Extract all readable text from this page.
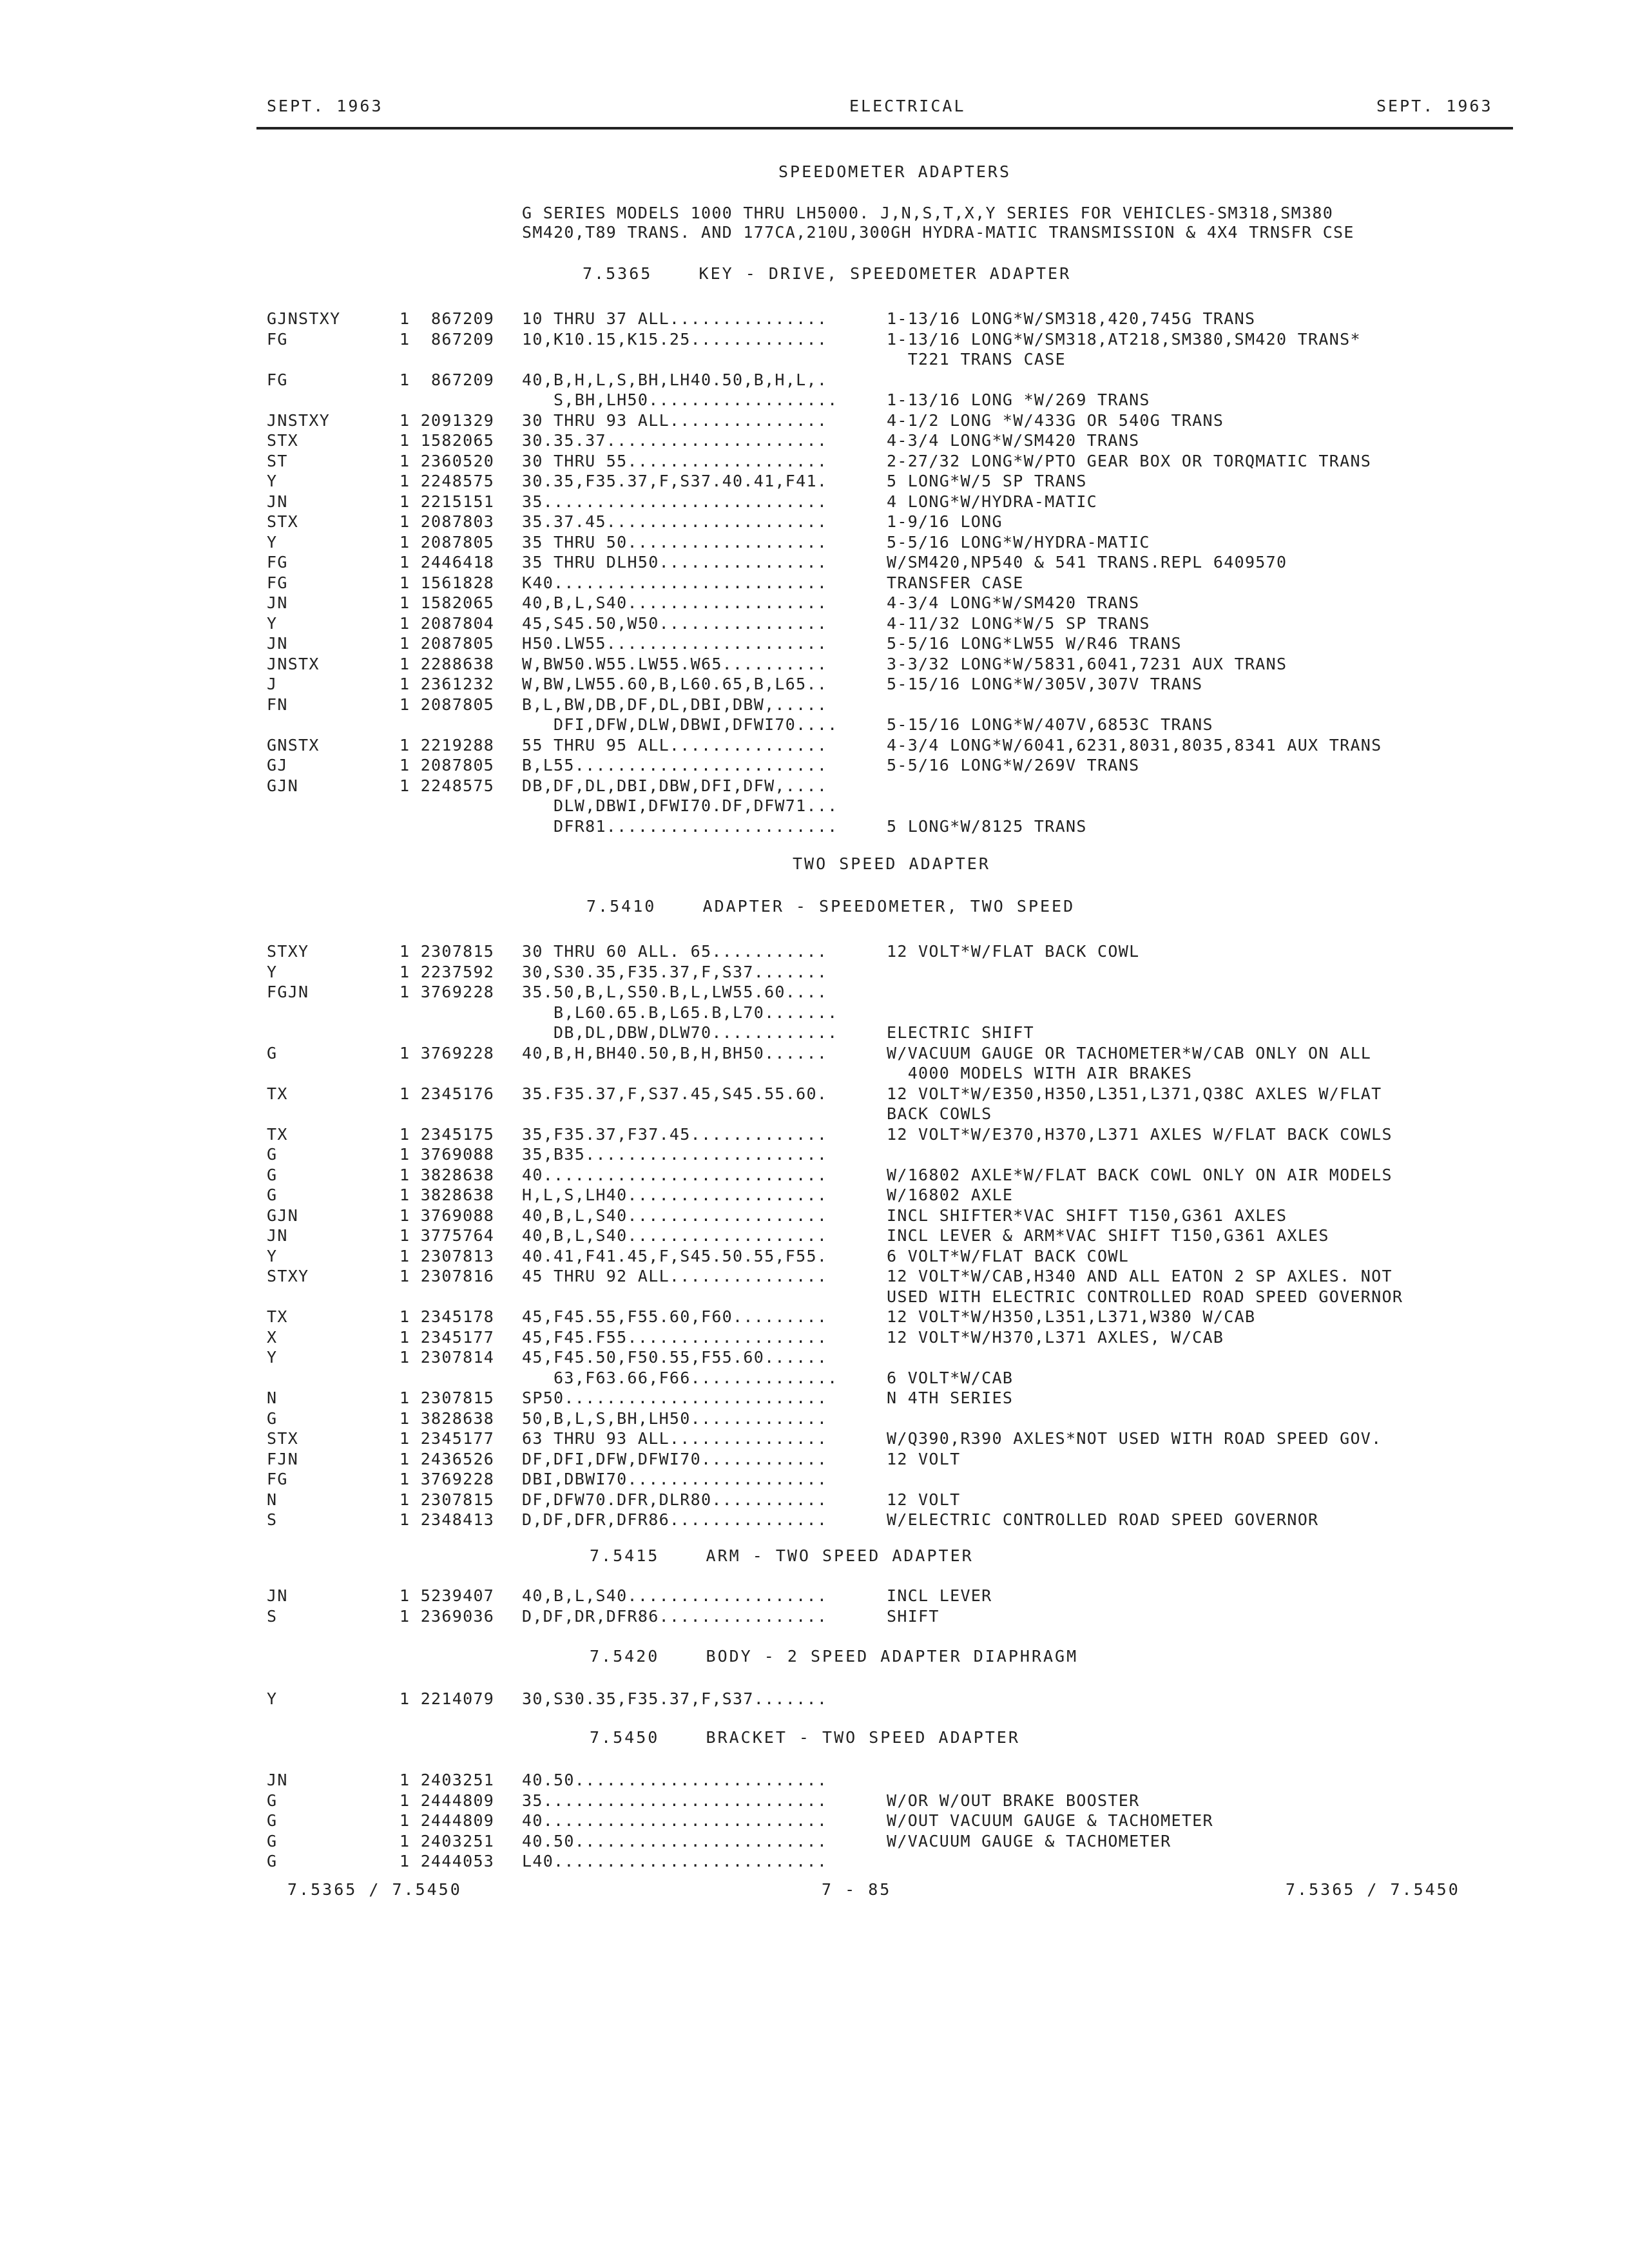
SEPT. 1963	ELECTRICAL	SEPT. 1963
SPEEDOMETER ADAPTERS
G SERIES MODELS 1000 THRU LH5000. J,N,S,T,X,Y SERIES FOR VEHICLES-SM318,SM380
SM420,T89 TRANS. AND 177CA,210U,300GH HYDRA-MATIC TRANSMISSION & 4X4 TRNSFR CSE
7.5365    KEY - DRIVE, SPEEDOMETER ADAPTER
GJNSTXY	1  867209 10 THRU 37 ALL...............	1-13/16 LONG*W/SM318,420,745G TRANS
FG	1  867209 10,K10.15,K15.25.............	1-13/16 LONG*W/SM318,AT218,SM380,SM420 TRANS*
T221 TRANS CASE
FG	1  867209 40,B,H,L,S,BH,LH40.50,B,H,L,.
S,BH,LH50..................	1-13/16 LONG *W/269 TRANS
JNSTXY	1 2091329 30 THRU 93 ALL...............	4-1/2 LONG *W/433G OR 540G TRANS
STX	1 1582065 30.35.37.....................	4-3/4 LONG*W/SM420 TRANS
ST	1 2360520 30 THRU 55...................	2-27/32 LONG*W/PTO GEAR BOX OR TORQMATIC TRANS
Y	1 2248575 30.35,F35.37,F,S37.40.41,F41.	5 LONG*W/5 SP TRANS
JN	1 2215151 35...........................	4 LONG*W/HYDRA-MATIC
STX	1 2087803 35.37.45.....................	1-9/16 LONG
Y	1 2087805 35 THRU 50...................	5-5/16 LONG*W/HYDRA-MATIC
FG	1 2446418 35 THRU DLH50................	W/SM420,NP540 & 541 TRANS.REPL 6409570
FG	1 1561828 K40..........................	TRANSFER CASE
JN	1 1582065 40,B,L,S40...................	4-3/4 LONG*W/SM420 TRANS
Y	1 2087804 45,S45.50,W50................	4-11/32 LONG*W/5 SP TRANS
JN	1 2087805 H50.LW55.....................	5-5/16 LONG*LW55 W/R46 TRANS
JNSTX	1 2288638 W,BW50.W55.LW55.W65..........	3-3/32 LONG*W/5831,6041,7231 AUX TRANS
J	1 2361232 W,BW,LW55.60,B,L60.65,B,L65..	5-15/16 LONG*W/305V,307V TRANS
FN	1 2087805 B,L,BW,DB,DF,DL,DBI,DBW,.....
DFI,DFW,DLW,DBWI,DFWI70....	5-15/16 LONG*W/407V,6853C TRANS
GNSTX	1 2219288 55 THRU 95 ALL...............	4-3/4 LONG*W/6041,6231,8031,8035,8341 AUX TRANS
GJ	1 2087805 B,L55........................	5-5/16 LONG*W/269V TRANS
GJN	1 2248575 DB,DF,DL,DBI,DBW,DFI,DFW,....
DLW,DBWI,DFWI70.DF,DFW71...
DFR81......................	5 LONG*W/8125 TRANS
TWO SPEED ADAPTER
7.5410    ADAPTER - SPEEDOMETER, TWO SPEED
STXY	1 2307815 30 THRU 60 ALL. 65...........	12 VOLT*W/FLAT BACK COWL
Y	1 2237592 30,S30.35,F35.37,F,S37.......
FGJN	1 3769228 35.50,B,L,S50.B,L,LW55.60....
B,L60.65.B,L65.B,L70.......
DB,DL,DBW,DLW70............	ELECTRIC SHIFT
G	1 3769228 40,B,H,BH40.50,B,H,BH50......	W/VACUUM GAUGE OR TACHOMETER*W/CAB ONLY ON ALL
4000 MODELS WITH AIR BRAKES
TX	1 2345176 35.F35.37,F,S37.45,S45.55.60.	12 VOLT*W/E350,H350,L351,L371,Q38C AXLES W/FLAT
BACK COWLS
TX	1 2345175 35,F35.37,F37.45.............	12 VOLT*W/E370,H370,L371 AXLES W/FLAT BACK COWLS
G	1 3769088 35,B35.......................
G	1 3828638 40...........................	W/16802 AXLE*W/FLAT BACK COWL ONLY ON AIR MODELS
G	1 3828638 H,L,S,LH40...................	W/16802 AXLE
GJN	1 3769088 40,B,L,S40...................	INCL SHIFTER*VAC SHIFT T150,G361 AXLES
JN	1 3775764 40,B,L,S40...................	INCL LEVER & ARM*VAC SHIFT T150,G361 AXLES
Y	1 2307813 40.41,F41.45,F,S45.50.55,F55.	6 VOLT*W/FLAT BACK COWL
STXY	1 2307816 45 THRU 92 ALL...............	12 VOLT*W/CAB,H340 AND ALL EATON 2 SP AXLES. NOT
USED WITH ELECTRIC CONTROLLED ROAD SPEED GOVERNOR
TX	1 2345178 45,F45.55,F55.60,F60.........	12 VOLT*W/H350,L351,L371,W380 W/CAB
X	1 2345177 45,F45.F55...................	12 VOLT*W/H370,L371 AXLES, W/CAB
Y	1 2307814 45,F45.50,F50.55,F55.60......
63,F63.66,F66..............	6 VOLT*W/CAB
N	1 2307815 SP50.........................	N 4TH SERIES
G	1 3828638 50,B,L,S,BH,LH50.............
STX	1 2345177 63 THRU 93 ALL...............	W/Q390,R390 AXLES*NOT USED WITH ROAD SPEED GOV.
FJN	1 2436526 DF,DFI,DFW,DFWI70............	12 VOLT
FG	1 3769228 DBI,DBWI70...................
N	1 2307815 DF,DFW70.DFR,DLR80...........	12 VOLT
S	1 2348413 D,DF,DFR,DFR86...............	W/ELECTRIC CONTROLLED ROAD SPEED GOVERNOR
7.5415    ARM - TWO SPEED ADAPTER
JN	1 5239407 40,B,L,S40...................	INCL LEVER
S	1 2369036 D,DF,DR,DFR86................	SHIFT
7.5420    BODY - 2 SPEED ADAPTER DIAPHRAGM
Y	1 2214079 30,S30.35,F35.37,F,S37.......
7.5450    BRACKET - TWO SPEED ADAPTER
JN	1 2403251 40.50........................
G	1 2444809 35...........................	W/OR W/OUT BRAKE BOOSTER
G	1 2444809 40...........................	W/OUT VACUUM GAUGE & TACHOMETER
G	1 2403251 40.50........................	W/VACUUM GAUGE & TACHOMETER
G	1 2444053 L40..........................
7.5365 / 7.5450	7 - 85	7.5365 / 7.5450
